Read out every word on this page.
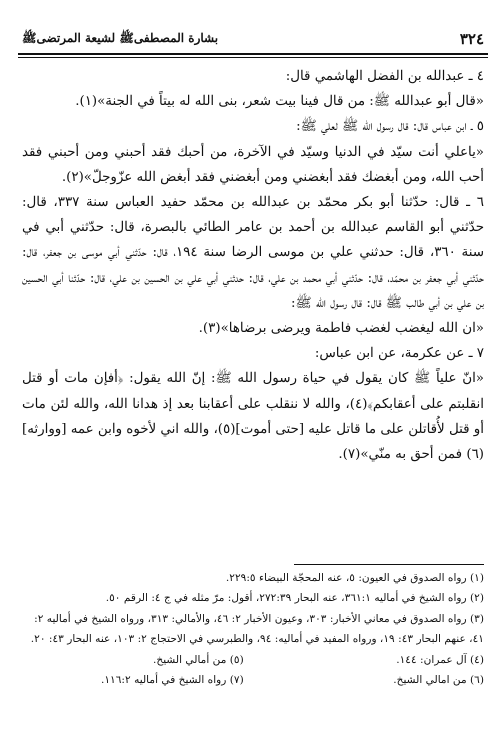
٣٢٤
بشارة المصطفىﷺ لشيعة المرتضىﷺ

٤ ـ عبدالله بن الفضل الهاشمي قال:

«قال أبو عبدالله ﷺ: من قال فينا بيت شعر، بنى الله له بيتاً في الجنة»(١).

٥ ـ ابن عباس قال: قال رسول الله ﷺ لعلي ﷺ:

«ياعلي أنت سيّد في الدنيا وسيّد في الآخرة، من أحبك فقد أحبني ومن أحبني فقد أحب الله، ومن أبغضك فقد أبغضني ومن أبغضني فقد أبغض الله عزّوجلّ»(٢).

٦ ـ قال: حدّثنا أبو بكر محمّد بن عبدالله بن محمّد حفيد العباس سنة ٣٣٧، قال: حدّثني أبو القاسم عبدالله بن أحمد بن عامر الطائي بالبصرة، قال: حدّثني أبي في سنة ٣٦٠، قال: حدثني علي بن موسى الرضا سنة ١٩٤، قال: حدّثني أبي موسى بن جعفر، قال: حدّثني أبي جعفر بن محمّد، قال: حدّثني أبي محمد بن علي، قال: حدثني أبي علي بن الحسين بن علي، قال: حدّثنا أبي الحسين بن علي بن أبي طالب ﷺ قال: قال رسول الله ﷺ:

«ان الله ليغضب لغضب فاطمة ويرضى برضاها»(٣).

٧ ـ عن عكرمة، عن ابن عباس:

«انّ علياً ﷺ كان يقول في حياة رسول الله ﷺ: إنّ الله يقول: ﴿أفإن مات أو قتل انقلبتم على أعقابكم﴾(٤)، والله لا ننقلب على أعقابنا بعد إذ هدانا الله، والله لئن مات أو قتل لأُقاتلن على ما قاتل عليه [حتى أموت](٥)، والله اني لأخوه وابن عمه [ووارثه](٦) فمن أحق به منّي»(٧).

(١) رواه الصدوق في العيون: ٥، عنه المحجّة البيضاء ٢٢٩:٥.

(٢) رواه الشيخ في أماليه ٣٦١:١، عنه البحار ٢٧٢:٣٩، أقول: مرّ مثله في ج ٤: الرقم ٥٠.

(٣) رواه الصدوق في معاني الأخبار: ٣٠٣، وعيون الأخبار ٢: ٤٦، والأمالي: ٣١٣، ورواه الشيخ في أماليه ٢: ٤١، عنهم البحار ٤٣: ١٩، ورواه المفيد في أماليه: ٩٤، والطبرسي في الاحتجاج ٢: ١٠٣، عنه البحار ٤٣: ٢٠.

(٤) آل عمران: ١٤٤.
(٥) من أمالي الشيخ.
(٦) من امالي الشيخ.
(٧) رواه الشيخ في أماليه ١١٦:٢.
